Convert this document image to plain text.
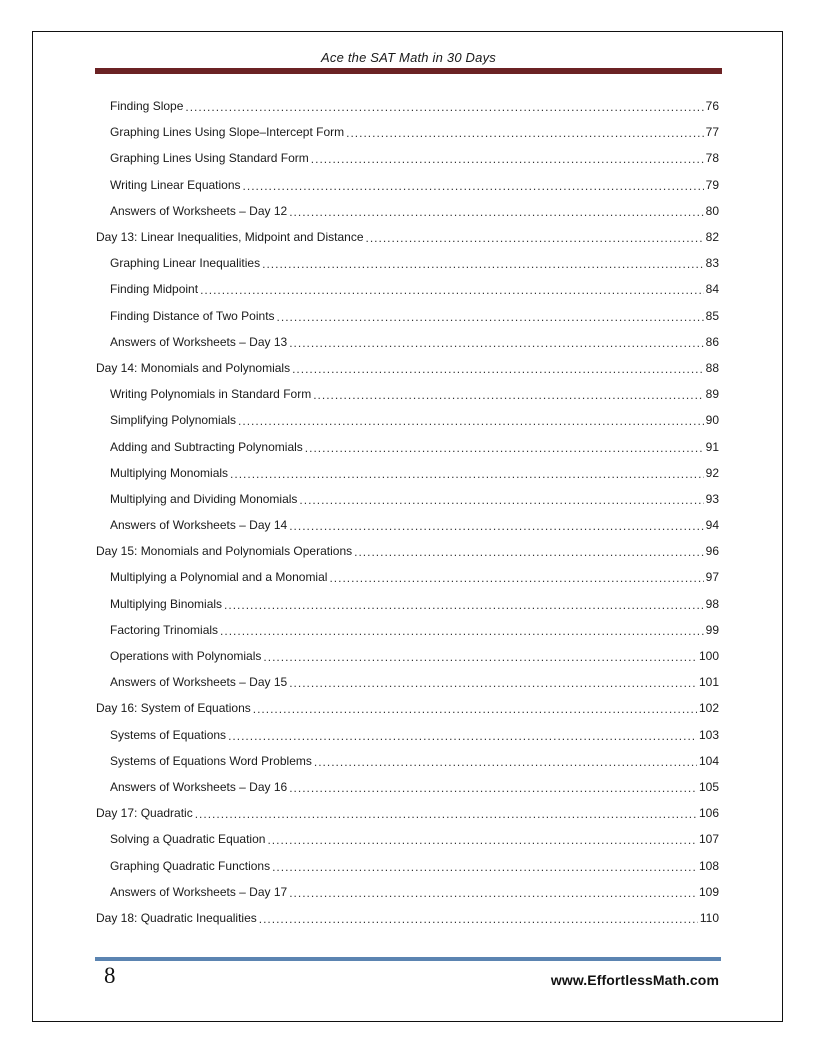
Ace the SAT Math in 30 Days
Finding Slope .....	76
Graphing Lines Using Slope–Intercept Form .....	77
Graphing Lines Using Standard Form .....	78
Writing Linear Equations .....	79
Answers of Worksheets – Day 12 .....	80
Day 13: Linear Inequalities, Midpoint and Distance .....	82
Graphing Linear Inequalities .....	83
Finding Midpoint .....	84
Finding Distance of Two Points .....	85
Answers of Worksheets – Day 13 .....	86
Day 14: Monomials and Polynomials .....	88
Writing Polynomials in Standard Form .....	89
Simplifying Polynomials .....	90
Adding and Subtracting Polynomials .....	91
Multiplying Monomials .....	92
Multiplying and Dividing Monomials .....	93
Answers of Worksheets – Day 14 .....	94
Day 15: Monomials and Polynomials Operations .....	96
Multiplying a Polynomial and a Monomial .....	97
Multiplying Binomials .....	98
Factoring Trinomials .....	99
Operations with Polynomials .....	100
Answers of Worksheets – Day 15 .....	101
Day 16: System of Equations .....	102
Systems of Equations .....	103
Systems of Equations Word Problems .....	104
Answers of Worksheets – Day 16 .....	105
Day 17: Quadratic .....	106
Solving a Quadratic Equation .....	107
Graphing Quadratic Functions .....	108
Answers of Worksheets – Day 17 .....	109
Day 18: Quadratic Inequalities .....	110
8	www.EffortlessMath.com
